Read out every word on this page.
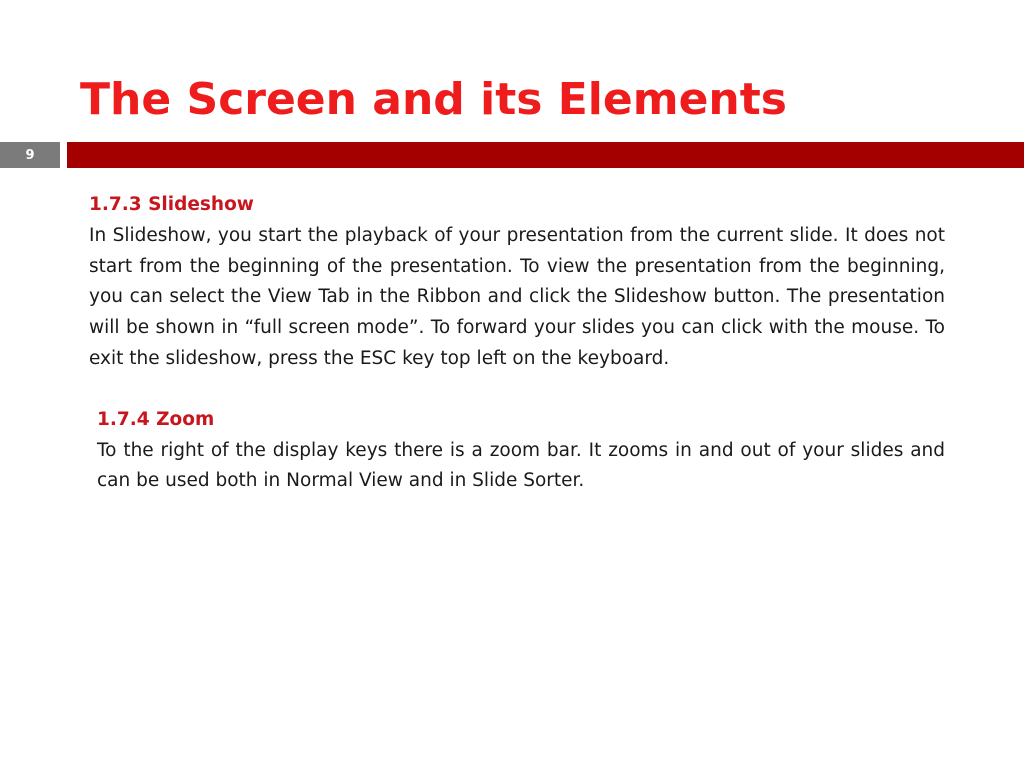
The Screen and its Elements
9

1.7.3 Slideshow

In Slideshow, you start the playback of your presentation from the current slide. It does not start from the beginning of the presentation. To view the presentation from the beginning, you can select the View Tab in the Ribbon and click the Slideshow button. The presentation will be shown in “full screen mode”. To forward your slides you can click with the mouse. To exit the slideshow, press the ESC key top left on the keyboard.

1.7.4 Zoom

To the right of the display keys there is a zoom bar. It zooms in and out of your slides and can be used both in Normal View and in Slide Sorter.
